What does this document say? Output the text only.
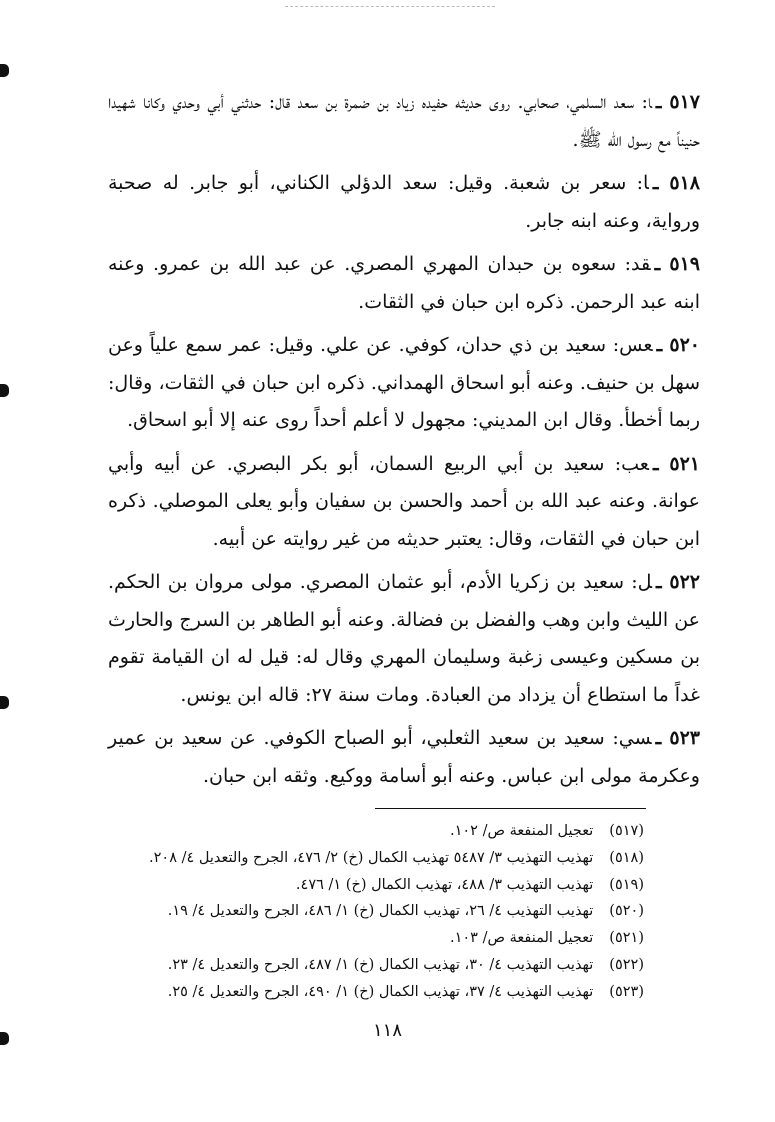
٥١٧ ـا: سعد السلمي، صحابي. روى حديثه حفيده زياد بن ضمرة بن سعد قال: حدثني أبي وحدي وكانا شهيدا حنيناً مع رسول الله ﷺ.

٥١٨ ـا: سعر بن شعبة. وقيل: سعد الدؤلي الكناني، أبو جابر. له صحبة ورواية، وعنه ابنه جابر.

٥١٩ ـقد: سعوه بن حبدان المهري المصري. عن عبد الله بن عمرو. وعنه ابنه عبد الرحمن. ذكره ابن حبان في الثقات.

٥٢٠ ـعس: سعيد بن ذي حدان، كوفي. عن علي. وقيل: عمر سمع علياً وعن سهل بن حنيف. وعنه أبو اسحاق الهمداني. ذكره ابن حبان في الثقات، وقال: ربما أخطأ. وقال ابن المديني: مجهول لا أعلم أحداً روى عنه إلا أبو اسحاق.

٥٢١ ـعب: سعيد بن أبي الربيع السمان، أبو بكر البصري. عن أبيه وأبي عوانة. وعنه عبد الله بن أحمد والحسن بن سفيان وأبو يعلى الموصلي. ذكره ابن حبان في الثقات، وقال: يعتبر حديثه من غير روايته عن أبيه.

٥٢٢ ـل: سعيد بن زكريا الأدم، أبو عثمان المصري. مولى مروان بن الحكم. عن الليث وابن وهب والفضل بن فضالة. وعنه أبو الطاهر بن السرج والحارث بن مسكين وعيسى زغبة وسليمان المهري وقال له: قيل له ان القيامة تقوم غداً ما استطاع أن يزداد من العبادة. ومات سنة ٢٧: قاله ابن يونس.

٥٢٣ ـسي: سعيد بن سعيد الثعلبي، أبو الصباح الكوفي. عن سعيد بن عمير وعكرمة مولى ابن عباس. وعنه أبو أسامة ووكيع. وثقه ابن حبان.

(٥١٧)تعجيل المنفعة ص/ ١٠٢.
(٥١٨)تهذيب التهذيب ٣/ ٥٤٨٧ تهذيب الكمال (خ) ٢/ ٤٧٦، الجرح والتعديل ٤/ ٢٠٨.
(٥١٩)تهذيب التهذيب ٣/ ٤٨٨، تهذيب الكمال (خ) ١/ ٤٧٦.
(٥٢٠)تهذيب التهذيب ٤/ ٢٦، تهذيب الكمال (خ) ١/ ٤٨٦، الجرح والتعديل ٤/ ١٩.
(٥٢١)تعجيل المنفعة ص/ ١٠٣.
(٥٢٢)تهذيب التهذيب ٤/ ٣٠، تهذيب الكمال (خ) ١/ ٤٨٧، الجرح والتعديل ٤/ ٢٣.
(٥٢٣)تهذيب التهذيب ٤/ ٣٧، تهذيب الكمال (خ) ١/ ٤٩٠، الجرح والتعديل ٤/ ٢٥.
١١٨
